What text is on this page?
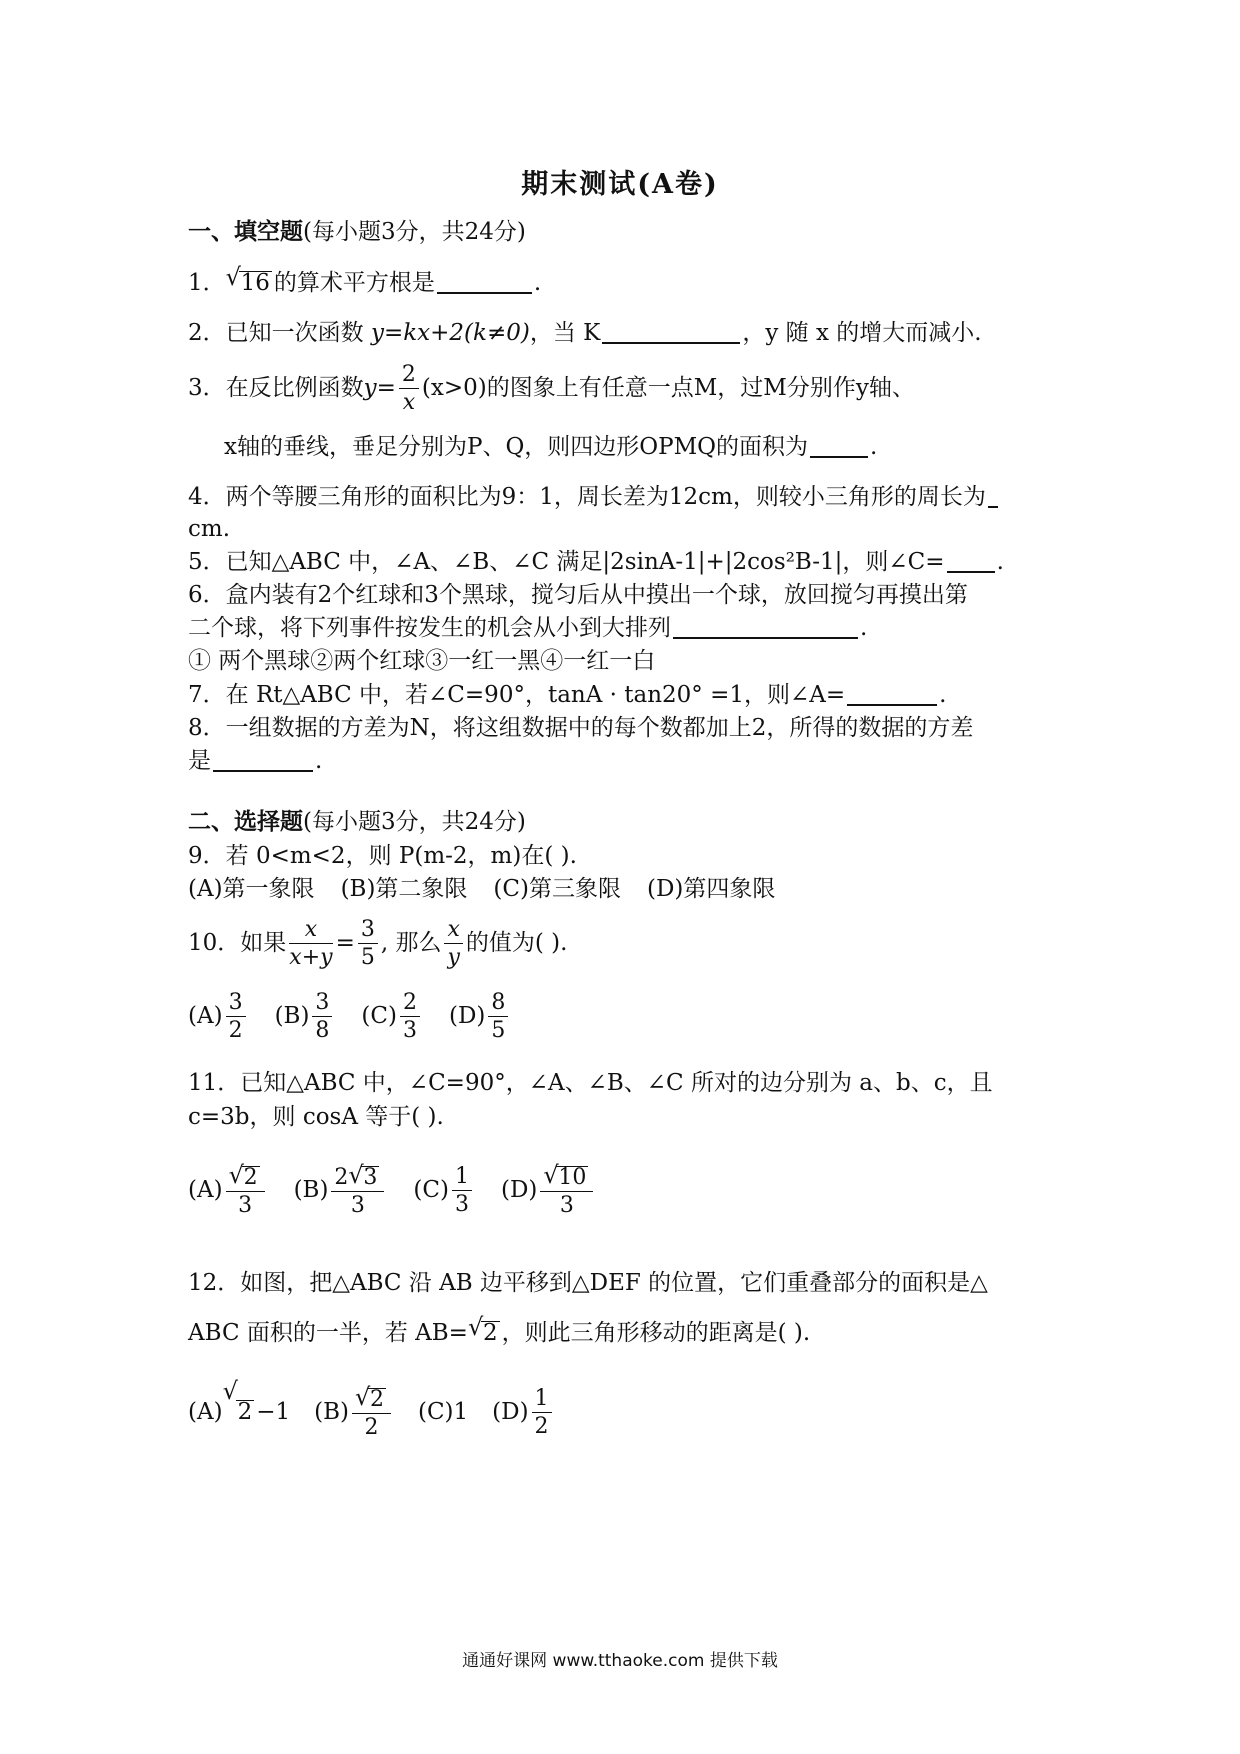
期末测试(A卷)
一、填空题(每小题3分，共24分)
1． √ 16 的算术平方根是	.
2．已知一次函数 y=kx+2(k≠0)，当 K	，y 随 x 的增大而减小.
3．在反比例函数$y= \frac{2}{x} (x>0)$的图象上有任意一点M，过M分别作y轴、
x轴的垂线，垂足分别为P、Q，则四边形OPMQ的面积为	.
4．两个等腰三角形的面积比为9：1，周长差为12cm，则较小三角形的周长为
cm.
5．已知△ABC 中，∠A、∠B、∠C 满足|2sinA-1|+|2cos²B-1|，则∠C= .
6．盒内装有2个红球和3个黑球，搅匀后从中摸出一个球，放回搅匀再摸出第
二个球，将下列事件按发生的机会从小到大排列	.
① 两个黑球②两个红球③一红一黑④一红一白
7．在 Rt△ABC 中，若∠C=90°，tanA · tan20° =1，则∠A=	.
8．一组数据的方差为N，将这组数据中的每个数都加上2，所得的数据的方差
是	.
二、选择题(每小题3分，共24分)
9．若 0<m<2，则 P(m-2，m)在( ).
(A)第一象限 (B)第二象限 (C)第三象限 (D)第四象限
10．如果 $\frac{x}{x+y} = \frac{3}{5}$ , 那么 $\frac{x}{y}$ 的值为( ).
$(A) \frac{3}{2} (B) \frac{3}{8} (C) \frac{2}{3} (D) \frac{8}{5}$
11．已知△ABC 中，∠C=90°，∠A、∠B、∠C 所对的边分别为 a、b、c，且
c=3b，则 cosA 等于( ).
$(A) \frac{√ 2}{3} (B) \frac{2 √ 3}{3} (C) \frac{1}{3} (D) \frac{√ 10}{3}$
12．如图，把△ABC 沿 AB 边平移到△DEF 的位置，它们重叠部分的面积是△
ABC 面积的一半，若 AB= √ 2 ，则此三角形移动的距离是( ).
(A)
√
2 −1 $(B) \frac{√ 2}{2} (C)1$ $(D) \frac{1}{2}$
通通好课网 www.tthaoke.com 提供下载
